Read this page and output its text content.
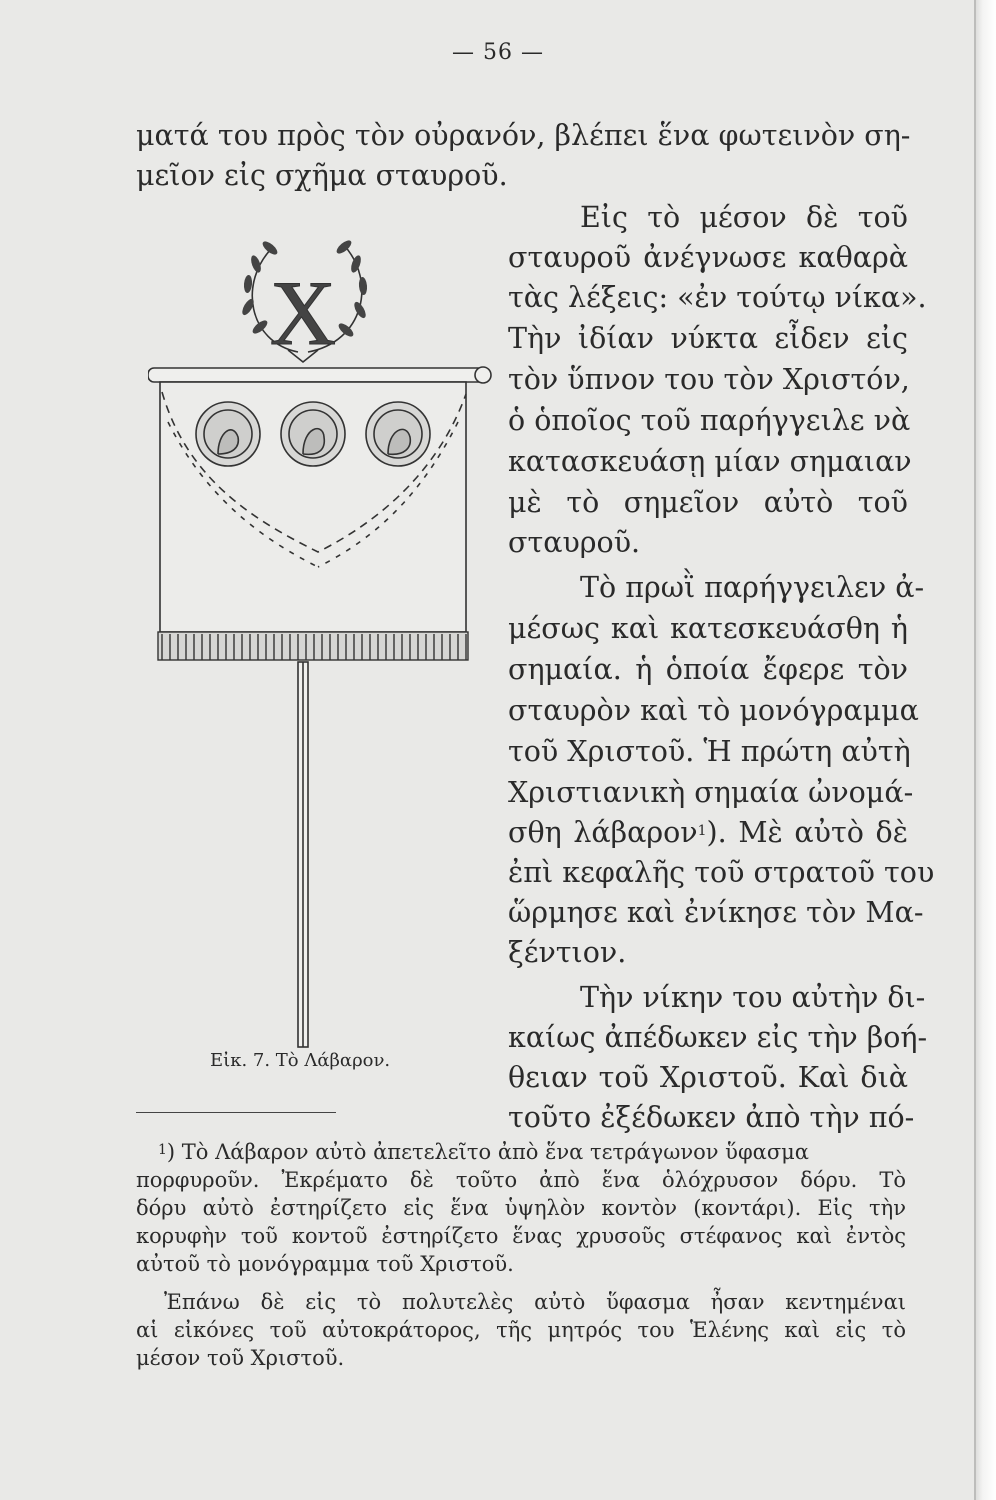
— 56 —
ματά του πρὸς τὸν οὐρανόν, βλέπει ἕνα φωτεινὸν ση-
μεῖον εἰς σχῆμα σταυροῦ.
Εἰς τὸ μέσον δὲ τοῦ
σταυροῦ ἀνέγνωσε καθαρὰ
τὰς λέξεις: «ἐν τούτῳ νίκα».
Τὴν ἰδίαν νύκτα εἶδεν εἰς
τὸν ὕπνον του τὸν Χριστόν,
ὁ ὁποῖος τοῦ παρήγγειλε νὰ
κατασκευάσῃ μίαν σημαιαν
μὲ τὸ σημεῖον αὐτὸ τοῦ
σταυροῦ.
Τὸ πρωῒ παρήγγειλεν ἀ-
μέσως καὶ κατεσκευάσθη ἡ
σημαία. ἡ ὁποία ἔφερε τὸν
σταυρὸν καὶ τὸ μονόγραμμα
τοῦ Χριστοῦ. Ἡ πρώτη αὐτὴ
Χριστιανικὴ σημαία ὠνομά-
σθη λάβαρον$^1$). Μὲ αὐτὸ δὲ
ἐπὶ κεφαλῆς τοῦ στρατοῦ του
ὥρμησε καὶ ἐνίκησε τὸν Μα-
ξέντιον.
Τὴν νίκην του αὐτὴν δι-
καίως ἀπέδωκεν εἰς τὴν βοή-
θειαν τοῦ Χριστοῦ. Καὶ διὰ
τοῦτο ἐξέδωκεν ἀπὸ τὴν πό-
X
Εἰκ. 7. Τὸ Λάβαρον.
$^1$) Τὸ Λάβαρον αὐτὸ ἀπετελεῖτο ἀπὸ ἕνα τετράγωνον ὕφασμα
πορφυροῦν. Ἐκρέματο δὲ τοῦτο ἀπὸ ἕνα ὁλόχρυσον δόρυ. Τὸ
δόρυ αὐτὸ ἐστηρίζετο εἰς ἕνα ὑψηλὸν κοντὸν (κοντάρι). Εἰς τὴν
κορυφὴν τοῦ κοντοῦ ἐστηρίζετο ἕνας χρυσοῦς στέφανος καὶ ἐντὸς
αὐτοῦ τὸ μονόγραμμα τοῦ Χριστοῦ.
Ἐπάνω δὲ εἰς τὸ πολυτελὲς αὐτὸ ὕφασμα ἦσαν κεντημέναι
αἱ εἰκόνες τοῦ αὐτοκράτορος, τῆς μητρός του Ἑλένης καὶ εἰς τὸ
μέσον τοῦ Χριστοῦ.
